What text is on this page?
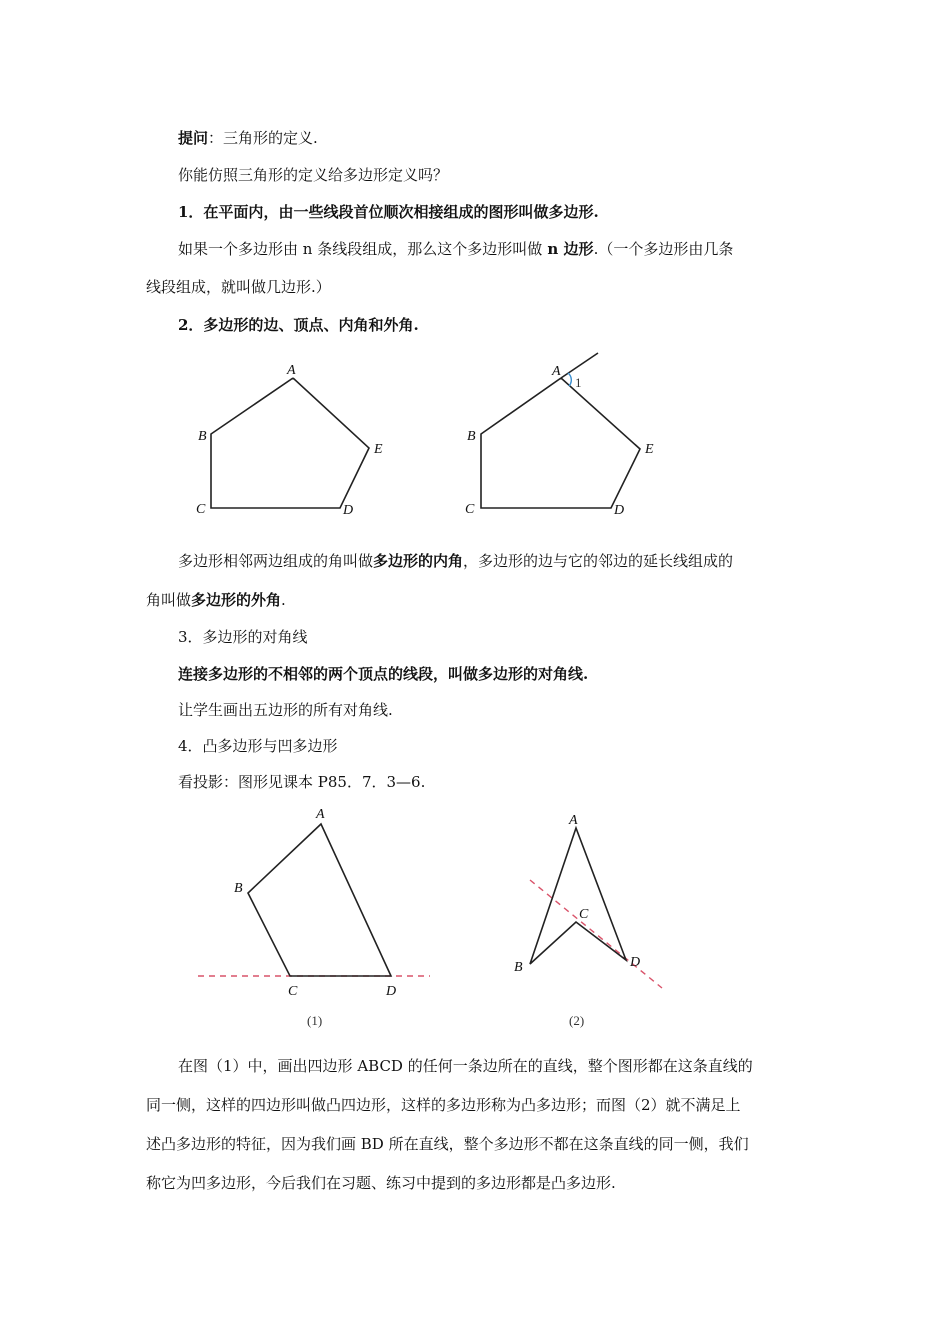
提问：三角形的定义.
你能仿照三角形的定义给多边形定义吗？
1．在平面内，由一些线段首位顺次相接组成的图形叫做多边形.
如果一个多边形由 n 条线段组成，那么这个多边形叫做 n 边形.（一个多边形由几条
线段组成，就叫做几边形.）
2．多边形的边、顶点、内角和外角.
A
B
C	D
E
A
1
B
C	D
E
多边形相邻两边组成的角叫做多边形的内角，多边形的边与它的邻边的延长线组成的
角叫做多边形的外角.
3．多边形的对角线
连接多边形的不相邻的两个顶点的线段，叫做多边形的对角线.
让学生画出五边形的所有对角线.
4．凸多边形与凹多边形
看投影：图形见课本 P85．7．3—6.
A
B
C	D
(1)
A
B
C
D
(2)
在图（1）中，画出四边形 ABCD 的任何一条边所在的直线，整个图形都在这条直线的
同一侧，这样的四边形叫做凸四边形，这样的多边形称为凸多边形；而图（2）就不满足上
述凸多边形的特征，因为我们画 BD 所在直线，整个多边形不都在这条直线的同一侧，我们
称它为凹多边形，今后我们在习题、练习中提到的多边形都是凸多边形.
